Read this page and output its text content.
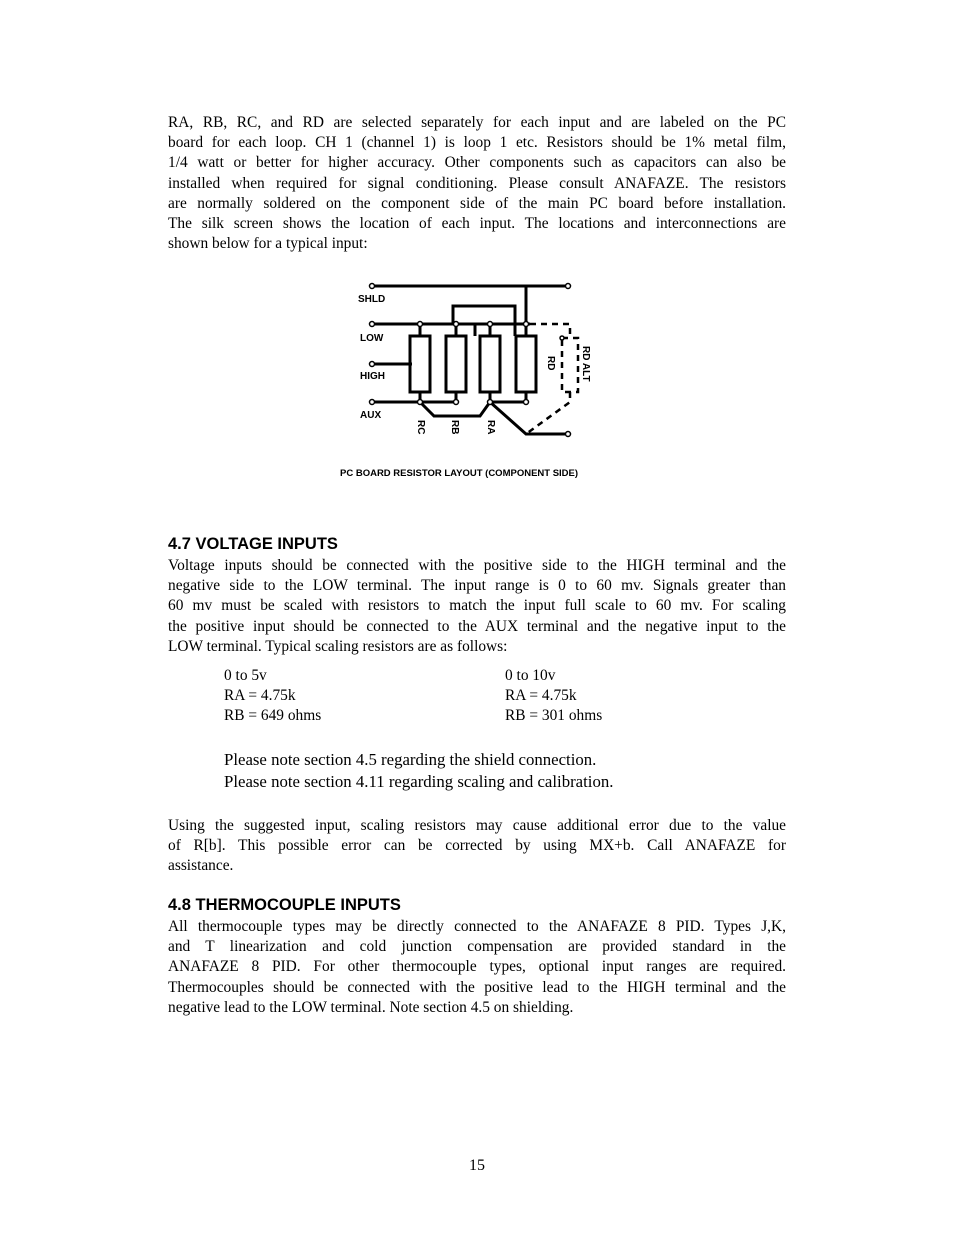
RA, RB, RC, and RD are selected separately for each input and are labeled on the PC
board for each loop. CH 1 (channel 1) is loop 1 etc. Resistors should be 1% metal film,
1/4 watt or better for higher accuracy. Other components such as capacitors can also be
installed when required for signal conditioning. Please consult ANAFAZE. The resistors
are normally soldered on the component side of the main PC board before installation.
The silk screen shows the location of each input. The locations and interconnections are
shown below for a typical input:
SHLD
LOW
HIGH
AUX
RC RB	RA
RD RD ALT
PC BOARD RESISTOR LAYOUT (COMPONENT SIDE)
4.7 VOLTAGE INPUTS
Voltage inputs should be connected with the positive side to the HIGH terminal and the
negative side to the LOW terminal. The input range is 0 to 60 mv. Signals greater than
60 mv must be scaled with resistors to match the input full scale to 60 mv. For scaling
the positive input should be connected to the AUX terminal and the negative input to the
LOW terminal. Typical scaling resistors are as follows:
0 to 5v
RA = 4.75k
RB = 649 ohms
0 to 10v
RA = 4.75k
RB = 301 ohms
Please note section 4.5 regarding the shield connection.
Please note section 4.11 regarding scaling and calibration.
Using the suggested input, scaling resistors may cause additional error due to the value
of R[b]. This possible error can be corrected by using MX+b. Call ANAFAZE for
assistance.
4.8 THERMOCOUPLE INPUTS
All thermocouple types may be directly connected to the ANAFAZE 8 PID. Types J,K,
and T linearization and cold junction compensation are provided standard in the
ANAFAZE 8 PID. For other thermocouple types, optional input ranges are required.
Thermocouples should be connected with the positive lead to the HIGH terminal and the
negative lead to the LOW terminal. Note section 4.5 on shielding.
15
